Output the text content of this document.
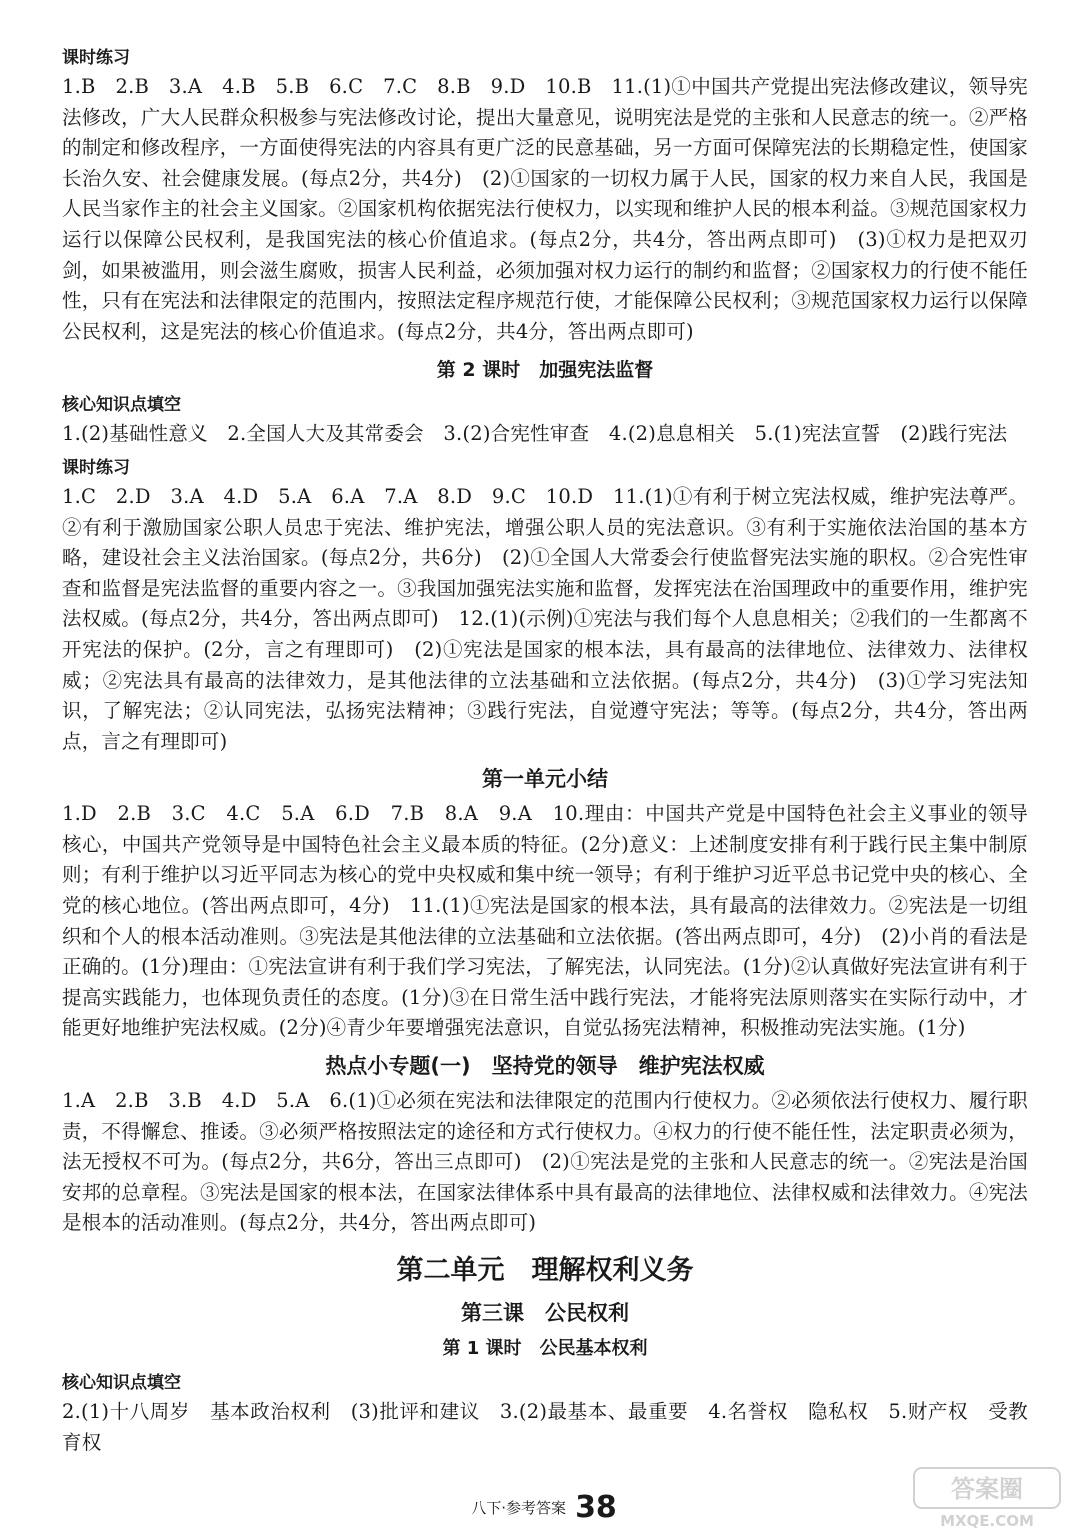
课时练习

1.B　2.B　3.A　4.B　5.B　6.C　7.C　8.B　9.D　10.B　11.(1)①中国共产党提出宪法修改建议，领导宪法修改，广大人民群众积极参与宪法修改讨论，提出大量意见，说明宪法是党的主张和人民意志的统一。②严格的制定和修改程序，一方面使得宪法的内容具有更广泛的民意基础，另一方面可保障宪法的长期稳定性，使国家长治久安、社会健康发展。(每点2分，共4分)　(2)①国家的一切权力属于人民，国家的权力来自人民，我国是人民当家作主的社会主义国家。②国家机构依据宪法行使权力，以实现和维护人民的根本利益。③规范国家权力运行以保障公民权利，是我国宪法的核心价值追求。(每点2分，共4分，答出两点即可)　(3)①权力是把双刃剑，如果被滥用，则会滋生腐败，损害人民利益，必须加强对权力运行的制约和监督；②国家权力的行使不能任性，只有在宪法和法律限定的范围内，按照法定程序规范行使，才能保障公民权利；③规范国家权力运行以保障公民权利，这是宪法的核心价值追求。(每点2分，共4分，答出两点即可)

第 2 课时　加强宪法监督
核心知识点填空

1.(2)基础性意义　2.全国人大及其常委会　3.(2)合宪性审查　4.(2)息息相关　5.(1)宪法宣誓　(2)践行宪法

课时练习

1.C　2.D　3.A　4.D　5.A　6.A　7.A　8.D　9.C　10.D　11.(1)①有利于树立宪法权威，维护宪法尊严。②有利于激励国家公职人员忠于宪法、维护宪法，增强公职人员的宪法意识。③有利于实施依法治国的基本方略，建设社会主义法治国家。(每点2分，共6分)　(2)①全国人大常委会行使监督宪法实施的职权。②合宪性审查和监督是宪法监督的重要内容之一。③我国加强宪法实施和监督，发挥宪法在治国理政中的重要作用，维护宪法权威。(每点2分，共4分，答出两点即可)　12.(1)(示例)①宪法与我们每个人息息相关；②我们的一生都离不开宪法的保护。(2分，言之有理即可)　(2)①宪法是国家的根本法，具有最高的法律地位、法律效力、法律权威；②宪法具有最高的法律效力，是其他法律的立法基础和立法依据。(每点2分，共4分)　(3)①学习宪法知识，了解宪法；②认同宪法，弘扬宪法精神；③践行宪法，自觉遵守宪法；等等。(每点2分，共4分，答出两点，言之有理即可)

第一单元小结

1.D　2.B　3.C　4.C　5.A　6.D　7.B　8.A　9.A　10.理由：中国共产党是中国特色社会主义事业的领导核心，中国共产党领导是中国特色社会主义最本质的特征。(2分)意义：上述制度安排有利于践行民主集中制原则；有利于维护以习近平同志为核心的党中央权威和集中统一领导；有利于维护习近平总书记党中央的核心、全党的核心地位。(答出两点即可，4分)　11.(1)①宪法是国家的根本法，具有最高的法律效力。②宪法是一切组织和个人的根本活动准则。③宪法是其他法律的立法基础和立法依据。(答出两点即可，4分)　(2)小肖的看法是正确的。(1分)理由：①宪法宣讲有利于我们学习宪法，了解宪法，认同宪法。(1分)②认真做好宪法宣讲有利于提高实践能力，也体现负责任的态度。(1分)③在日常生活中践行宪法，才能将宪法原则落实在实际行动中，才能更好地维护宪法权威。(2分)④青少年要增强宪法意识，自觉弘扬宪法精神，积极推动宪法实施。(1分)

热点小专题(一)　坚持党的领导　维护宪法权威

1.A　2.B　3.B　4.D　5.A　6.(1)①必须在宪法和法律限定的范围内行使权力。②必须依法行使权力、履行职责，不得懈怠、推诿。③必须严格按照法定的途径和方式行使权力。④权力的行使不能任性，法定职责必须为，法无授权不可为。(每点2分，共6分，答出三点即可)　(2)①宪法是党的主张和人民意志的统一。②宪法是治国安邦的总章程。③宪法是国家的根本法，在国家法律体系中具有最高的法律地位、法律权威和法律效力。④宪法是根本的活动准则。(每点2分，共4分，答出两点即可)

第二单元　理解权利义务
第三课　公民权利
第 1 课时　公民基本权利
核心知识点填空

2.(1)十八周岁　基本政治权利　(3)批评和建议　3.(2)最基本、最重要　4.名誉权　隐私权　5.财产权　受教育权

八下·参考答案 38
答案圈
MXQE.COM
